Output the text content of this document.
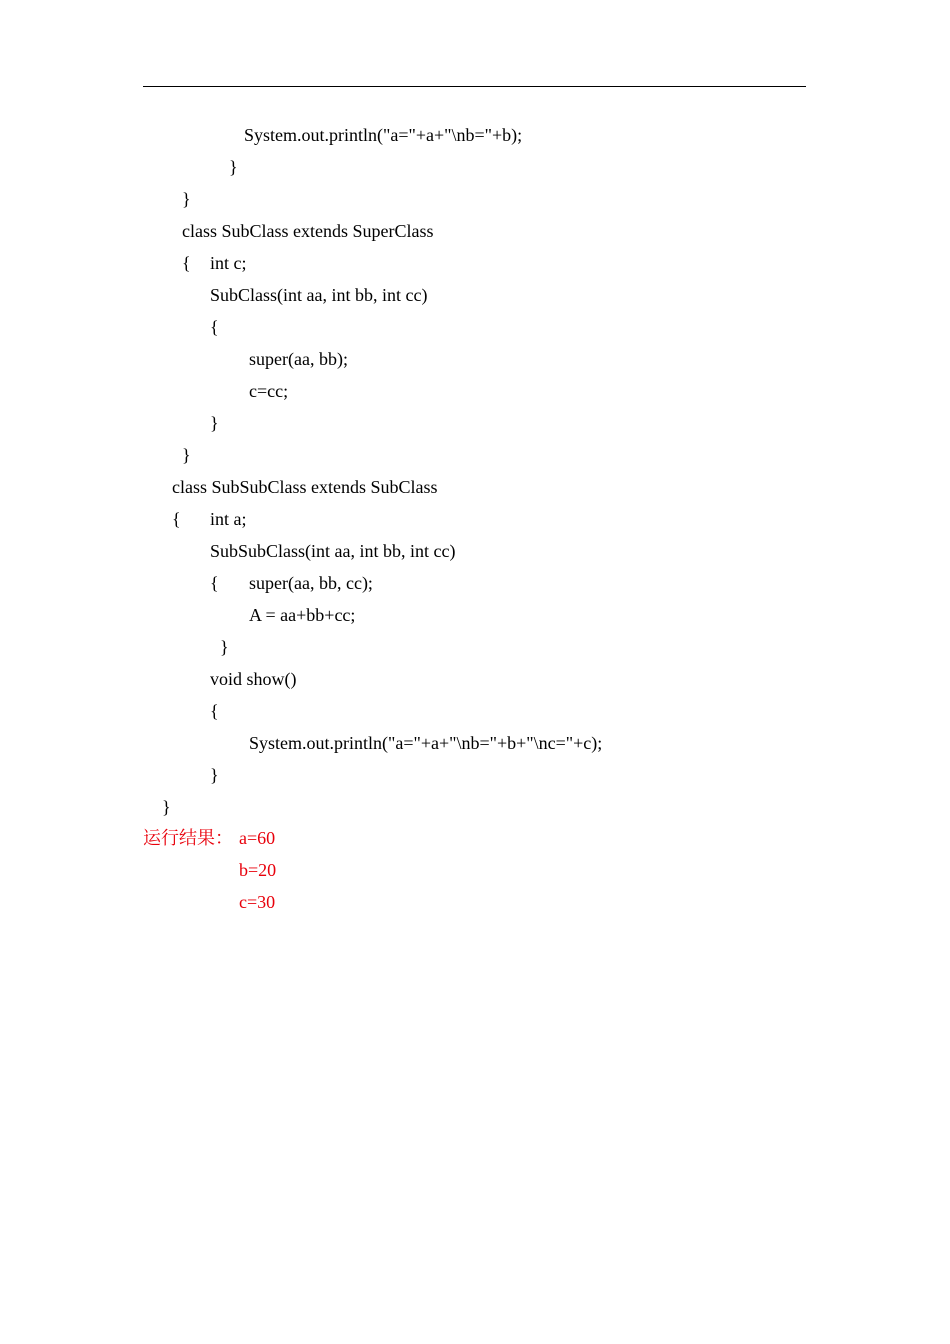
System.out.println("a="+a+"\nb="+b);
}
}
class SubClass extends SuperClass
{ int c;
SubClass(int aa, int bb, int cc)
{
super(aa, bb);
c=cc;
}
}
class SubSubClass extends SubClass
{ int a;
SubSubClass(int aa, int bb, int cc)
{ super(aa, bb, cc);
A = aa+bb+cc;
}
void show()
{
System.out.println("a="+a+"\nb="+b+"\nc="+c);
}
}
运行结果： a=60
b=20
c=30
